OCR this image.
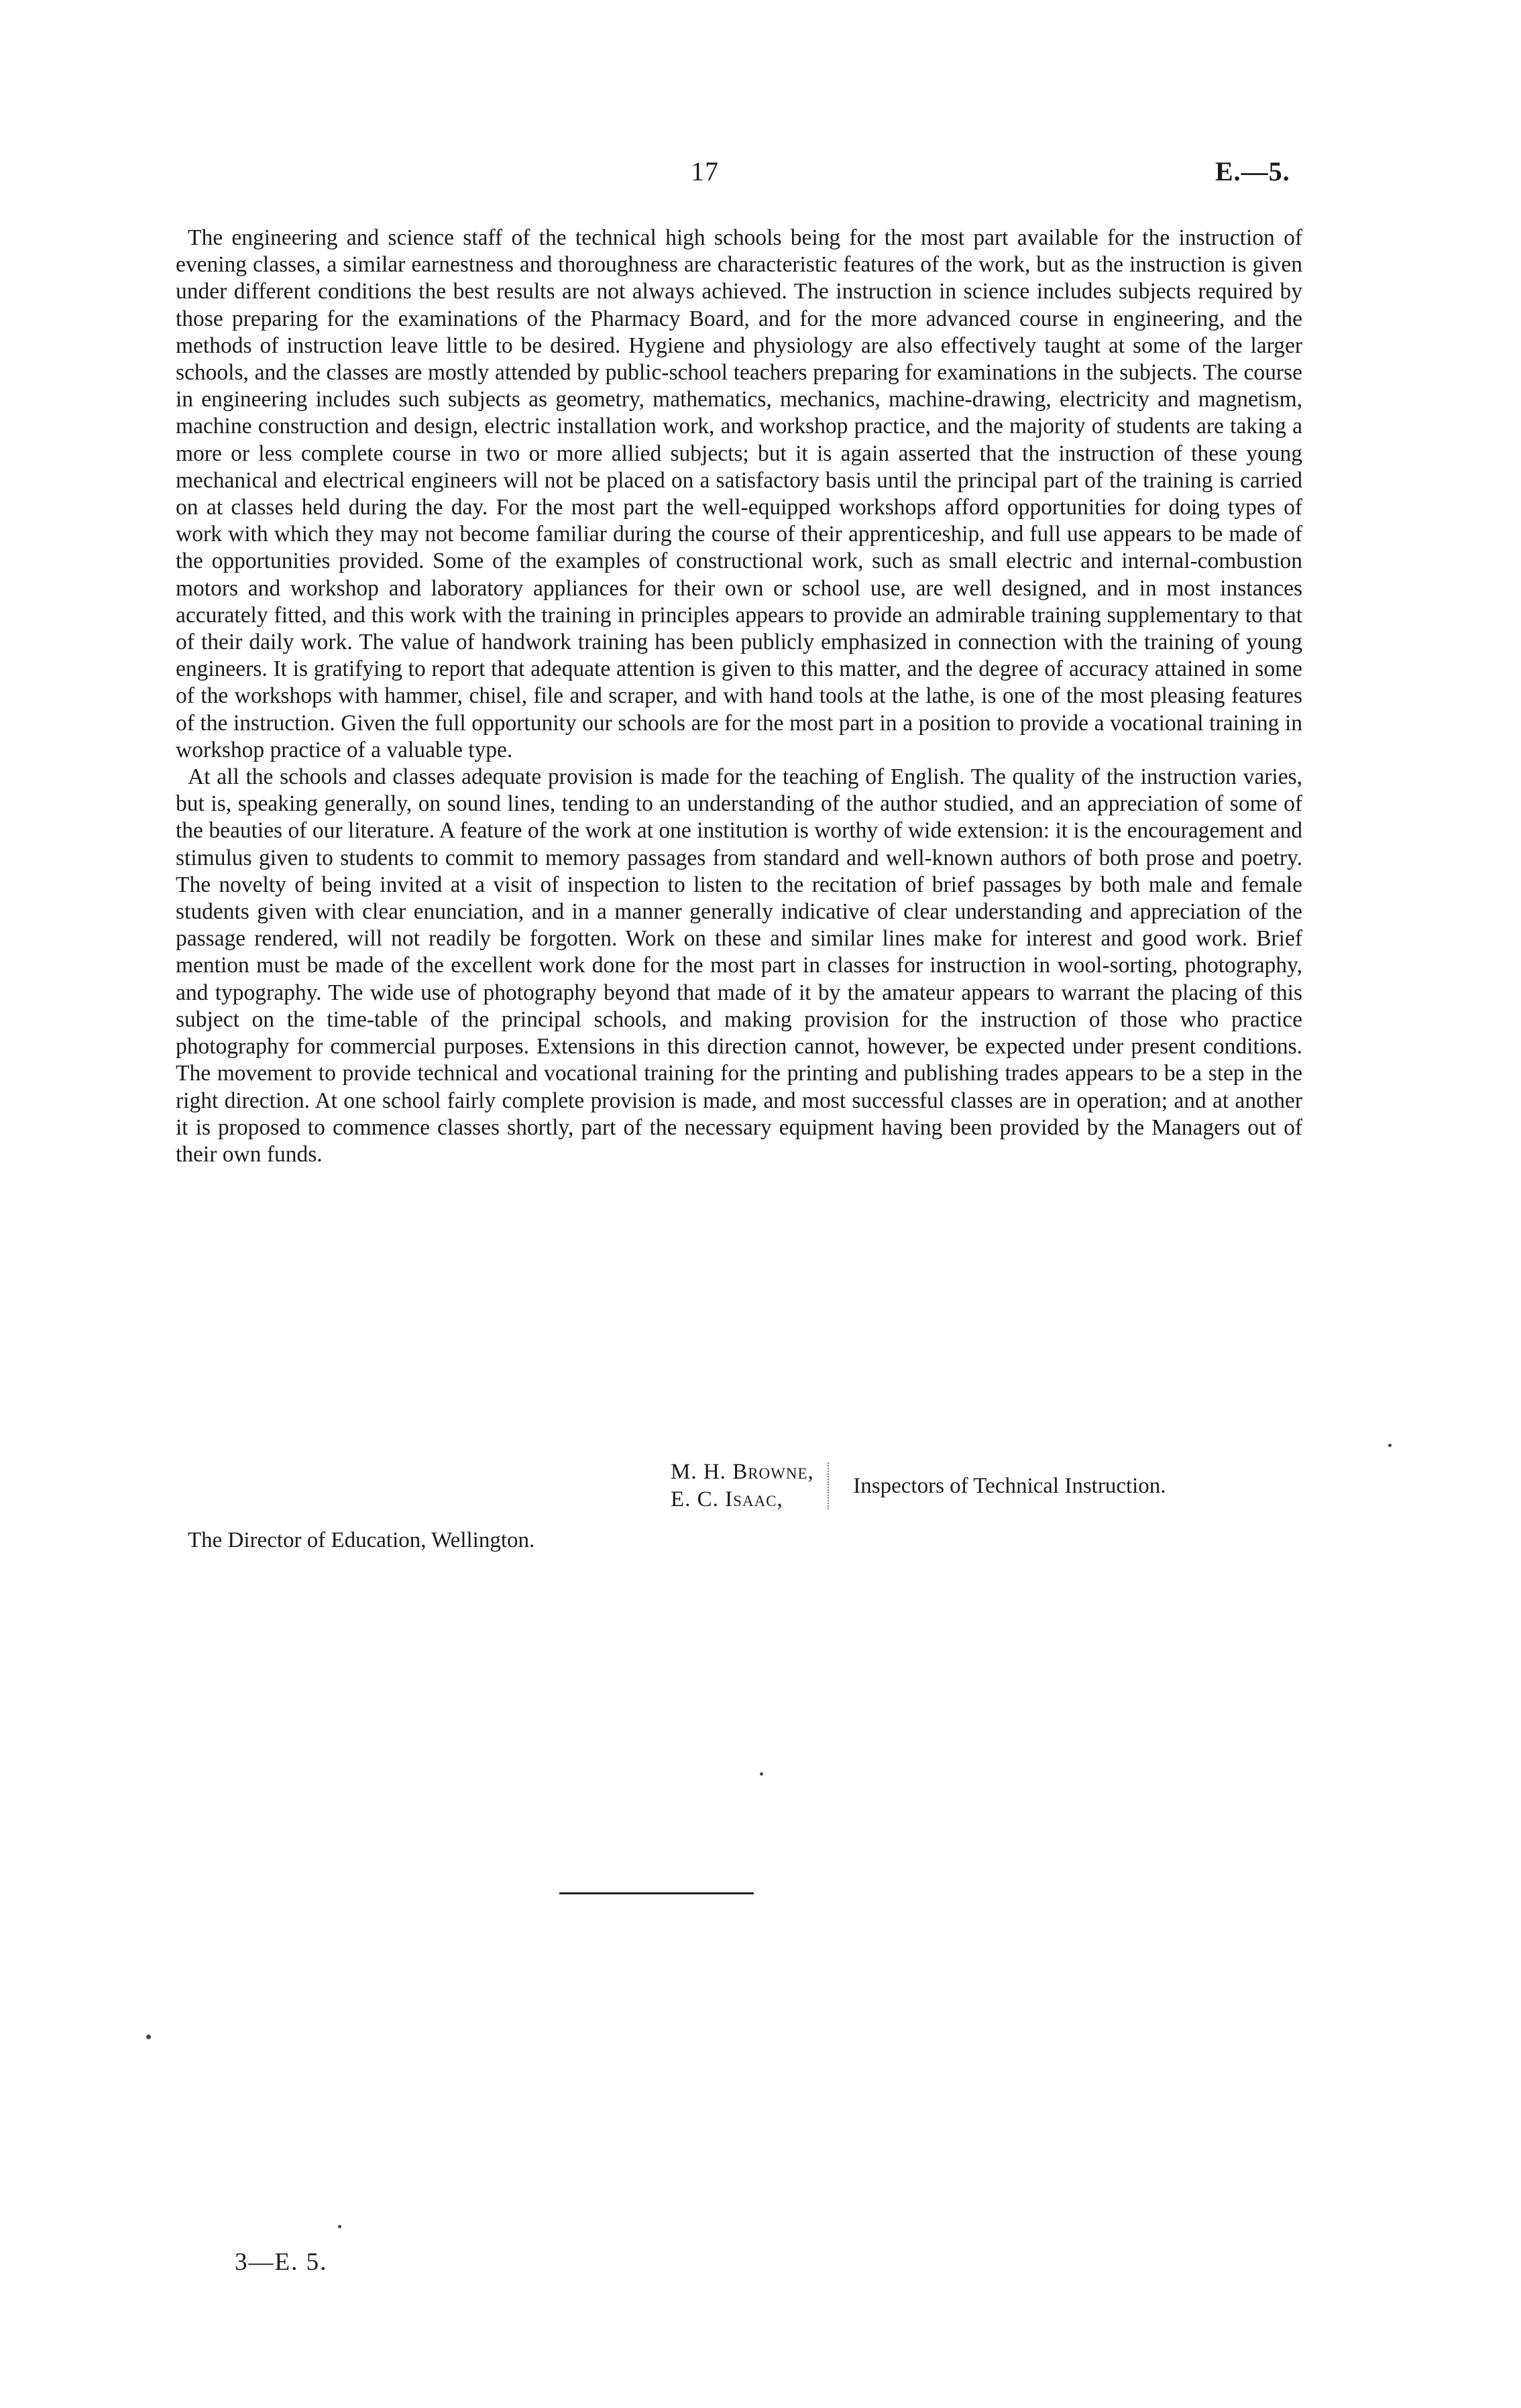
17	E.—5.

The engineering and science staff of the technical high schools being for the most part available for the instruction of evening classes, a similar earnestness and thoroughness are characteristic features of the work, but as the instruction is given under different conditions the best results are not always achieved. The instruction in science includes subjects required by those preparing for the examinations of the Pharmacy Board, and for the more advanced course in engineering, and the methods of instruction leave little to be desired. Hygiene and physiology are also effectively taught at some of the larger schools, and the classes are mostly attended by public-school teachers preparing for examinations in the subjects. The course in engineering includes such subjects as geometry, mathematics, mechanics, machine-drawing, electricity and magnetism, machine construction and design, electric installation work, and workshop practice, and the majority of students are taking a more or less complete course in two or more allied subjects; but it is again asserted that the instruction of these young mechanical and electrical engineers will not be placed on a satisfactory basis until the principal part of the training is carried on at classes held during the day. For the most part the well-equipped workshops afford opportunities for doing types of work with which they may not become familiar during the course of their apprenticeship, and full use appears to be made of the opportunities provided. Some of the examples of constructional work, such as small electric and internal-combustion motors and workshop and laboratory appliances for their own or school use, are well designed, and in most instances accurately fitted, and this work with the training in principles appears to provide an admirable training supplementary to that of their daily work. The value of handwork training has been publicly emphasized in connection with the training of young engineers. It is gratifying to report that adequate attention is given to this matter, and the degree of accuracy attained in some of the workshops with hammer, chisel, file and scraper, and with hand tools at the lathe, is one of the most pleasing features of the instruction. Given the full opportunity our schools are for the most part in a position to provide a vocational training in workshop practice of a valuable type.

At all the schools and classes adequate provision is made for the teaching of English. The quality of the instruction varies, but is, speaking generally, on sound lines, tending to an understanding of the author studied, and an appreciation of some of the beauties of our literature. A feature of the work at one institution is worthy of wide extension: it is the encouragement and stimulus given to students to commit to memory passages from standard and well-known authors of both prose and poetry. The novelty of being invited at a visit of inspection to listen to the recitation of brief passages by both male and female students given with clear enunciation, and in a manner generally indicative of clear understanding and appreciation of the passage rendered, will not readily be forgotten. Work on these and similar lines make for interest and good work. Brief mention must be made of the excellent work done for the most part in classes for instruction in wool-sorting, photography, and typography. The wide use of photography beyond that made of it by the amateur appears to warrant the placing of this subject on the time-table of the principal schools, and making provision for the instruction of those who practice photography for commercial purposes. Extensions in this direction cannot, however, be expected under present conditions. The movement to provide technical and vocational training for the printing and publishing trades appears to be a step in the right direction. At one school fairly complete provision is made, and most successful classes are in operation; and at another it is proposed to commence classes shortly, part of the necessary equipment having been provided by the Managers out of their own funds.

M. H. Browne,
E. C. Isaac,
Inspectors of Technical Instruction.
The Director of Education, Wellington.
3—E. 5.
